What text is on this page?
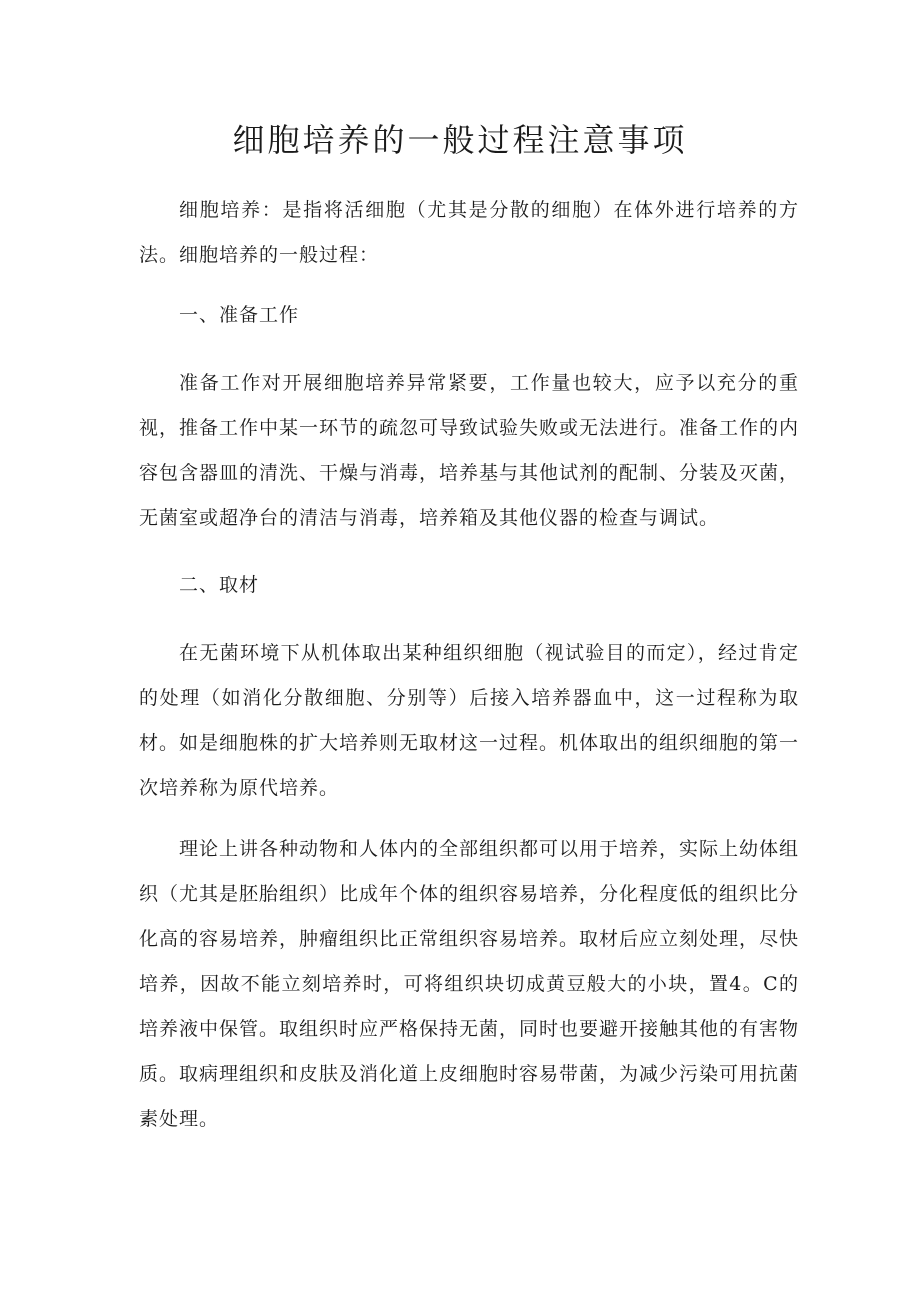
细胞培养的一般过程注意事项

细胞培养：是指将活细胞（尤其是分散的细胞）在体外进行培养的方法。细胞培养的一般过程：

一、准备工作

准备工作对开展细胞培养异常紧要，工作量也较大，应予以充分的重视，推备工作中某一环节的疏忽可导致试验失败或无法进行。准备工作的内容包含器皿的清洗、干燥与消毒，培养基与其他试剂的配制、分装及灭菌，无菌室或超净台的清洁与消毒，培养箱及其他仪器的检查与调试。

二、取材

在无菌环境下从机体取出某种组织细胞（视试验目的而定），经过肯定的处理（如消化分散细胞、分别等）后接入培养器血中，这一过程称为取材。如是细胞株的扩大培养则无取材这一过程。机体取出的组织细胞的第一次培养称为原代培养。

理论上讲各种动物和人体内的全部组织都可以用于培养，实际上幼体组织（尤其是胚胎组织）比成年个体的组织容易培养，分化程度低的组织比分化高的容易培养，肿瘤组织比正常组织容易培养。取材后应立刻处理，尽快培养，因故不能立刻培养时，可将组织块切成黄豆般大的小块，置4。C的培养液中保管。取组织时应严格保持无菌，同时也要避开接触其他的有害物质。取病理组织和皮肤及消化道上皮细胞时容易带菌，为减少污染可用抗菌素处理。
